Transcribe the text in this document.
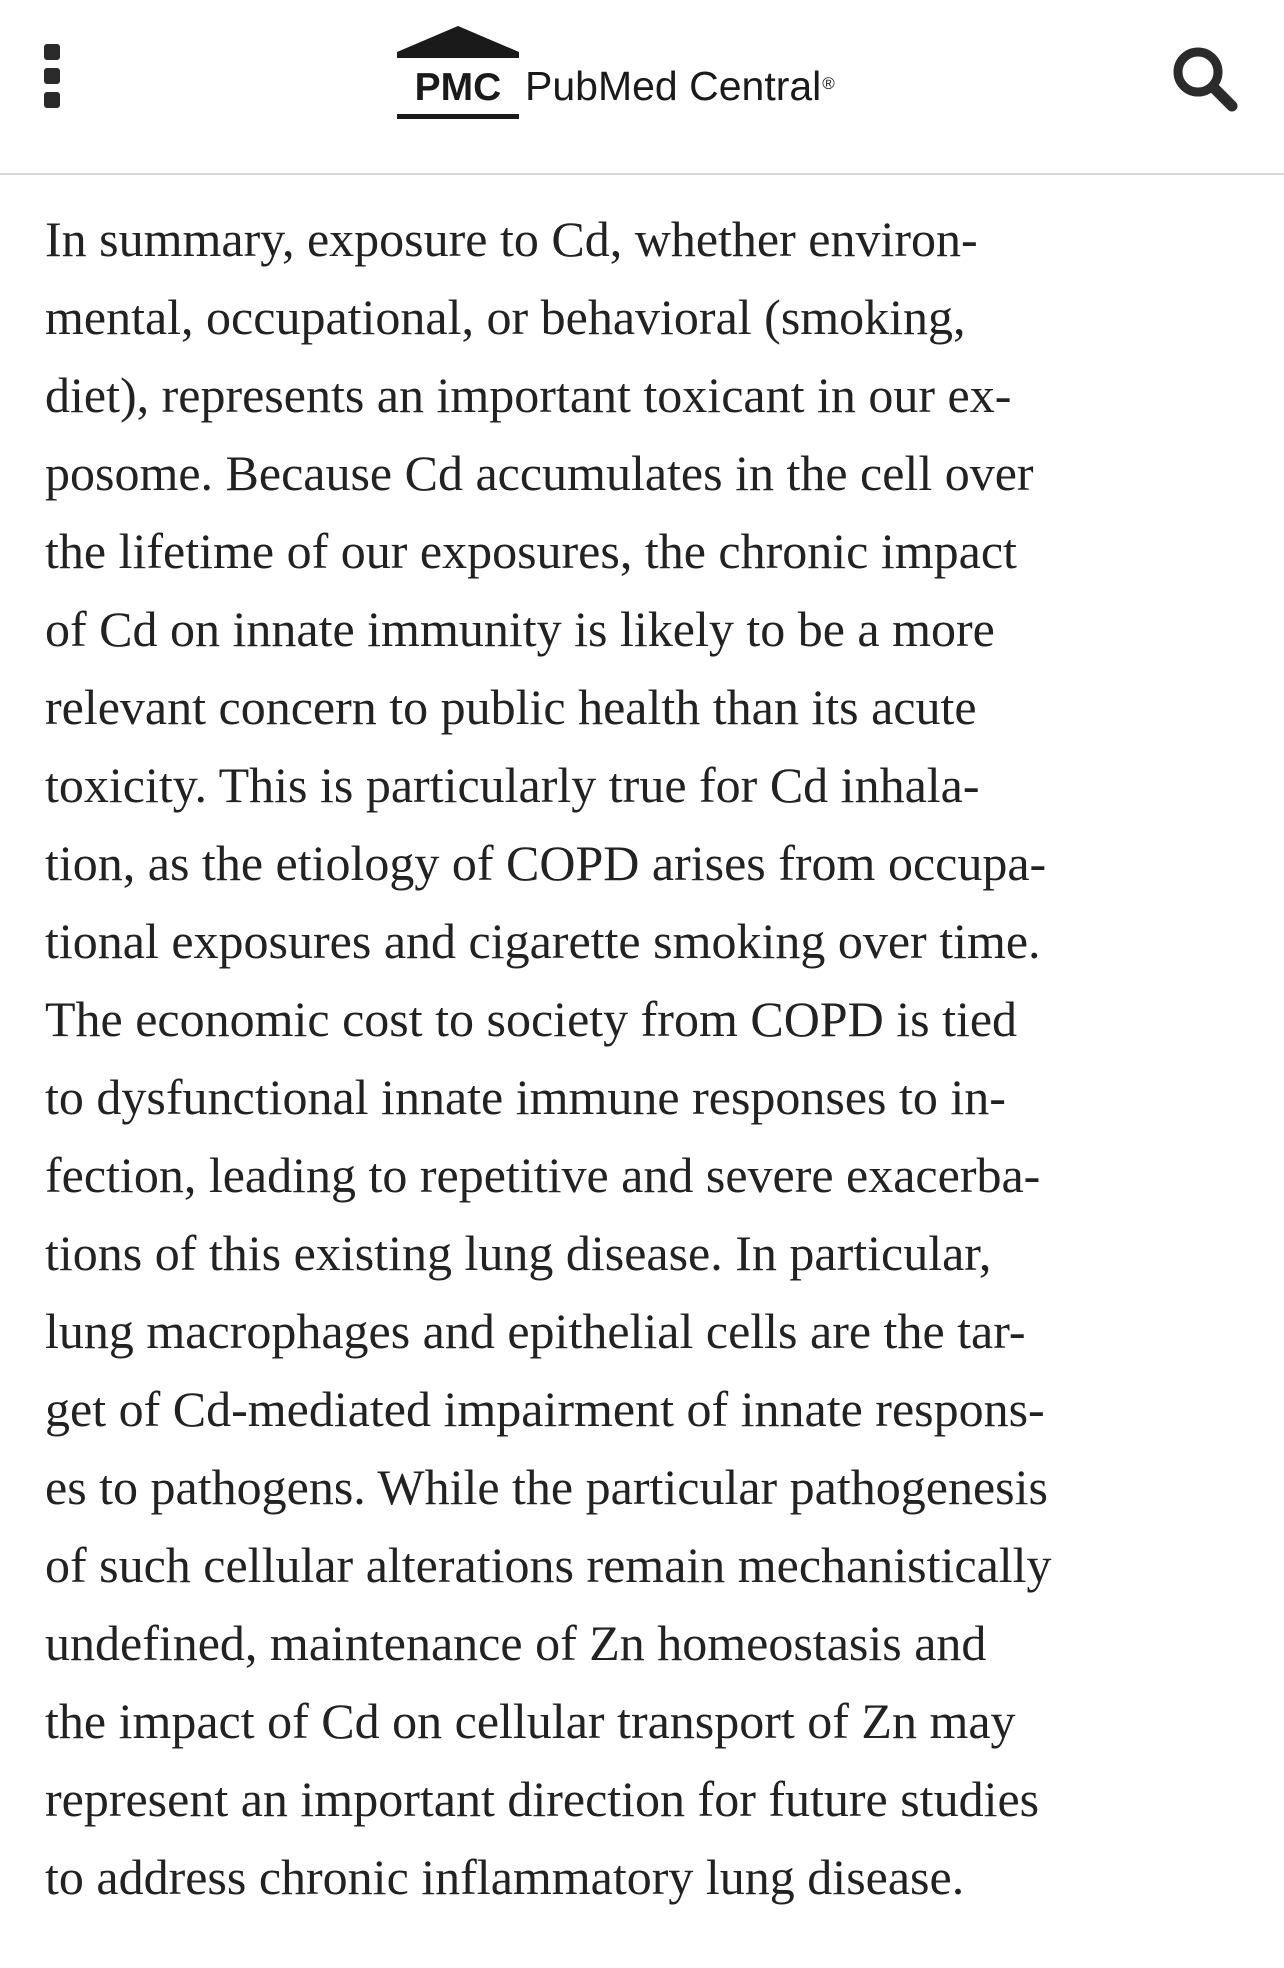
PMC PubMed Central®

In summary, exposure to Cd, whether environ-
mental, occupational, or behavioral (smoking,
diet), represents an important toxicant in our ex-
posome. Because Cd accumulates in the cell over
the lifetime of our exposures, the chronic impact
of Cd on innate immunity is likely to be a more
relevant concern to public health than its acute
toxicity. This is particularly true for Cd inhala-
tion, as the etiology of COPD arises from occupa-
tional exposures and cigarette smoking over time.
The economic cost to society from COPD is tied
to dysfunctional innate immune responses to in-
fection, leading to repetitive and severe exacerba-
tions of this existing lung disease. In particular,
lung macrophages and epithelial cells are the tar-
get of Cd-mediated impairment of innate respons-
es to pathogens. While the particular pathogenesis
of such cellular alterations remain mechanistically
undefined, maintenance of Zn homeostasis and
the impact of Cd on cellular transport of Zn may
represent an important direction for future studies
to address chronic inflammatory lung disease.
